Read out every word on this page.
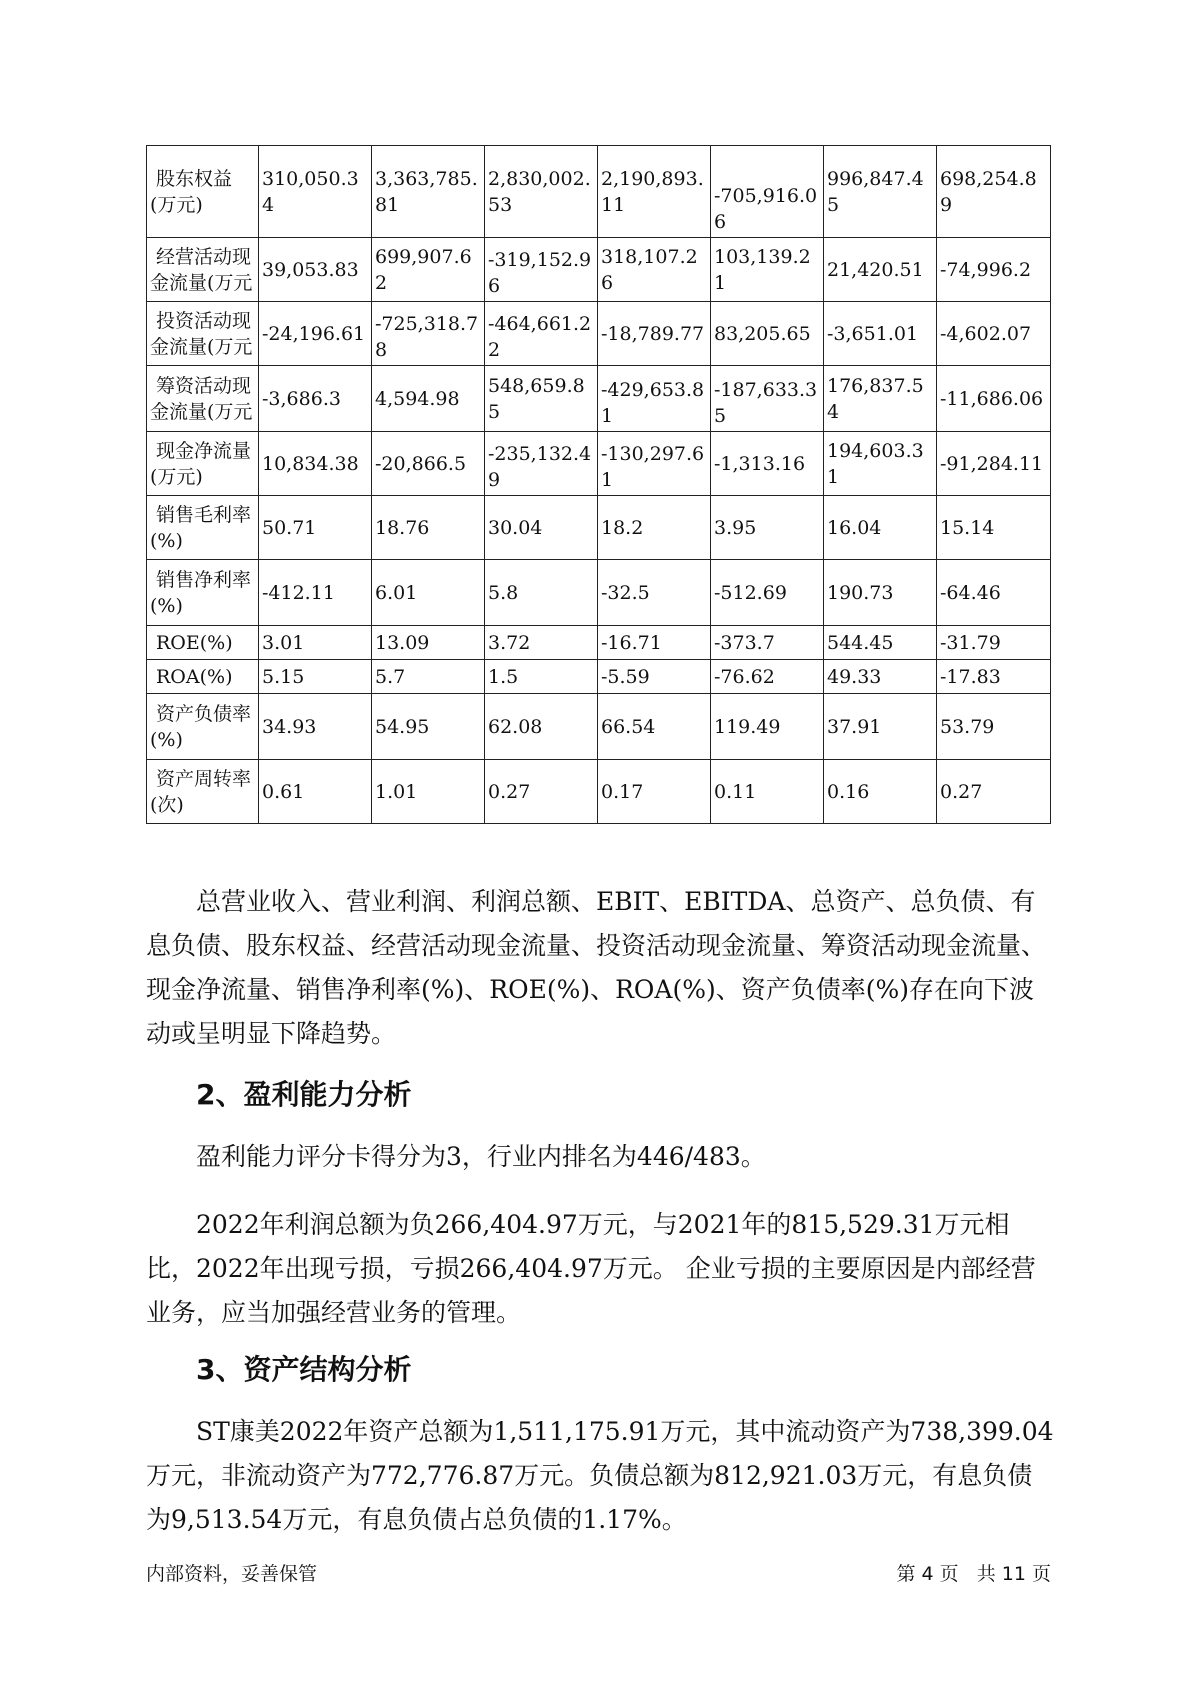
股东权益(万元)	310,050.34	3,363,785.81	2,830,002.53	2,190,893.11	-705,916.06	996,847.45	698,254.89
经营活动现金流量(万元	39,053.83	699,907.62	-319,152.96	318,107.26	103,139.21	21,420.51	-74,996.2
投资活动现金流量(万元	-24,196.61	-725,318.78	-464,661.22	-18,789.77	83,205.65	-3,651.01	-4,602.07
筹资活动现金流量(万元	-3,686.3	4,594.98	548,659.85	-429,653.81	-187,633.35	176,837.54	-11,686.06
现金净流量(万元)	10,834.38	-20,866.5	-235,132.49	-130,297.61	-1,313.16	194,603.31	-91,284.11
销售毛利率(%)	50.71	18.76	30.04	18.2	3.95	16.04	15.14
销售净利率(%)	-412.11	6.01	5.8	-32.5	-512.69	190.73	-64.46
ROE(%)	3.01	13.09	3.72	-16.71	-373.7	544.45	-31.79
ROA(%)	5.15	5.7	1.5	-5.59	-76.62	49.33	-17.83
资产负债率(%)	34.93	54.95	62.08	66.54	119.49	37.91	53.79
资产周转率(次)	0.61	1.01	0.27	0.17	0.11	0.16	0.27

总营业收入、营业利润、利润总额、EBIT、EBITDA、总资产、总负债、有息负债、股东权益、经营活动现金流量、投资活动现金流量、筹资活动现金流量、现金净流量、销售净利率(%)、ROE(%)、ROA(%)、资产负债率(%)存在向下波动或呈明显下降趋势。

2、盈利能力分析

盈利能力评分卡得分为3，行业内排名为446/483。

2022年利润总额为负266,404.97万元，与2021年的815,529.31万元相比，2022年出现亏损，亏损266,404.97万元。 企业亏损的主要原因是内部经营业务，应当加强经营业务的管理。

3、资产结构分析

ST康美2022年资产总额为1,511,175.91万元，其中流动资产为738,399.04万元，非流动资产为772,776.87万元。负债总额为812,921.03万元，有息负债为9,513.54万元，有息负债占总负债的1.17%。

内部资料，妥善保管	第 4 页   共 11 页
